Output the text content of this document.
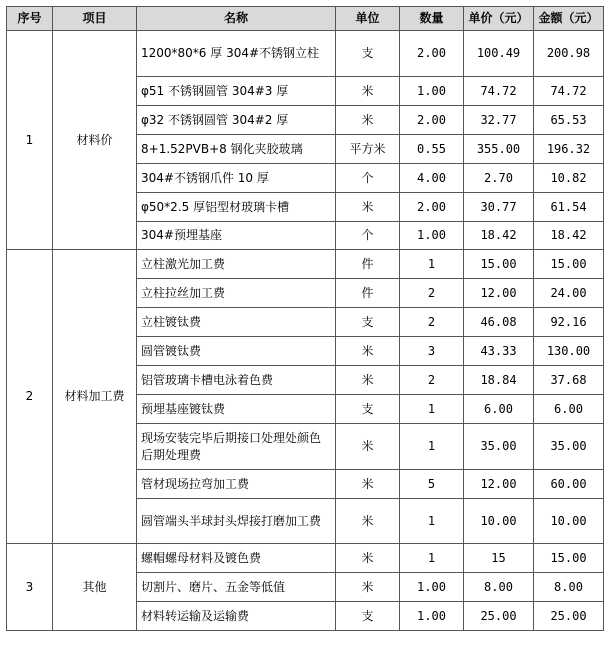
序号	项目	名称	单位	数量	单价（元）	金额（元）
1	材料价	1200*80*6 厚 304#不锈钢立柱	支	2.00	100.49	200.98
		φ51 不锈钢圆管 304#3 厚	米	1.00	74.72	74.72
		φ32 不锈钢圆管 304#2 厚	米	2.00	32.77	65.53
		8+1.52PVB+8 钢化夹胶玻璃	平方米	0.55	355.00	196.32
		304#不锈钢爪件 10 厚	个	4.00	2.70	10.82
		φ50*2.5 厚铝型材玻璃卡槽	米	2.00	30.77	61.54
		304#预埋基座	个	1.00	18.42	18.42
2	材料加工费	立柱激光加工费	件	1	15.00	15.00
		立柱拉丝加工费	件	2	12.00	24.00
		立柱镀钛费	支	2	46.08	92.16
		圆管镀钛费	米	3	43.33	130.00
		铝管玻璃卡槽电泳着色费	米	2	18.84	37.68
		预埋基座镀钛费	支	1	6.00	6.00
		现场安装完毕后期接口处理处颜色后期处理费	米	1	35.00	35.00
		管材现场拉弯加工费	米	5	12.00	60.00
		圆管端头半球封头焊接打磨加工费	米	1	10.00	10.00
3	其他	螺帽螺母材料及镀色费	米	1	15	15.00
		切割片、磨片、五金等低值	米	1.00	8.00	8.00
		材料转运输及运输费	支	1.00	25.00	25.00
